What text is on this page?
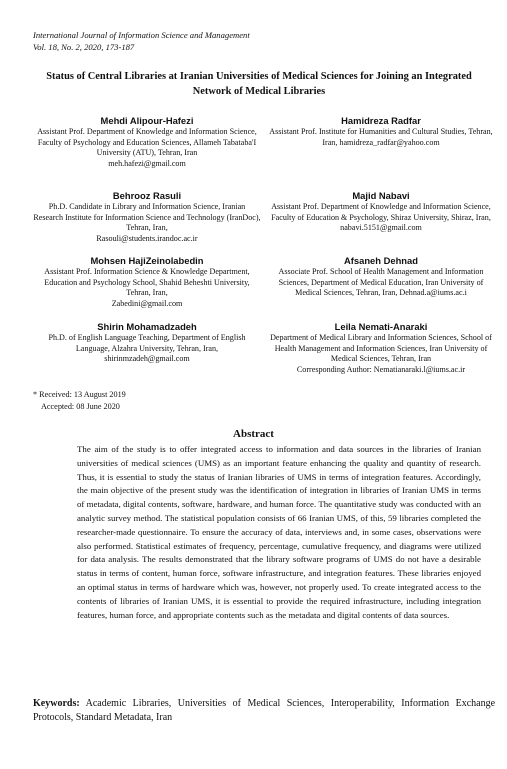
International Journal of Information Science and Management
Vol. 18, No. 2, 2020, 173-187
Status of Central Libraries at Iranian Universities of Medical Sciences for Joining an Integrated Network of Medical Libraries
Mehdi Alipour-Hafezi
Assistant Prof. Department of Knowledge and Information Science, Faculty of Psychology and Education Sciences, Allameh Tabataba'I University (ATU), Tehran, Iran
meh.hafezi@gmail.com
Hamidreza Radfar
Assistant Prof. Institute for Humanities and Cultural Studies, Tehran, Iran, hamidreza_radfar@yahoo.com
Behrooz Rasuli
Ph.D. Candidate in Library and Information Science, Iranian Research Institute for Information Science and Technology (IranDoc), Tehran, Iran,
Rasouli@students.irandoc.ac.ir
Majid Nabavi
Assistant Prof. Department of Knowledge and Information Science, Faculty of Education & Psychology, Shiraz University, Shiraz, Iran,
nabavi.5151@gmail.com
Mohsen HajiZeinolabedin
Assistant Prof. Information Science & Knowledge Department, Education and Psychology School, Shahid Beheshti University, Tehran, Iran,
Zabedini@gmail.com
Afsaneh Dehnad
Associate Prof. School of Health Management and Information Sciences, Department of Medical Education, Iran University of Medical Sciences, Tehran, Iran, Dehnad.a@iums.ac.i
Shirin Mohamadzadeh
Ph.D. of English Language Teaching, Department of English Language, Alzahra University, Tehran, Iran,
shirinmzadeh@gmail.com
Leila Nemati-Anaraki
Department of Medical Library and Information Sciences, School of Health Management and Information Sciences, Iran University of Medical Sciences, Tehran, Iran
Corresponding Author: Nematianaraki.l@iums.ac.ir
* Received: 13 August 2019
Accepted: 08 June 2020
Abstract
The aim of the study is to offer integrated access to information and data sources in the libraries of Iranian universities of medical sciences (UMS) as an important feature enhancing the quality and quantity of research. Thus, it is essential to study the status of Iranian libraries of UMS in terms of integration features. Accordingly, the main objective of the present study was the identification of integration in libraries of Iranian UMS in terms of metadata, digital contents, software, hardware, and human force. The quantitative study was conducted with an analytic survey method. The statistical population consists of 66 Iranian UMS, of this, 59 libraries completed the researcher-made questionnaire. To ensure the accuracy of data, interviews and, in some cases, observations were also performed. Statistical estimates of frequency, percentage, cumulative frequency, and diagrams were utilized for data analysis. The results demonstrated that the library software programs of UMS do not have a desirable status in terms of content, human force, software infrastructure, and integration features. These libraries enjoyed an optimal status in terms of hardware which was, however, not properly used. To create integrated access to the contents of libraries of Iranian UMS, it is essential to provide the required infrastructure, including integration features, human force, and appropriate contents such as the metadata and digital contents of data sources.
Keywords: Academic Libraries, Universities of Medical Sciences, Interoperability, Information Exchange Protocols, Standard Metadata, Iran
